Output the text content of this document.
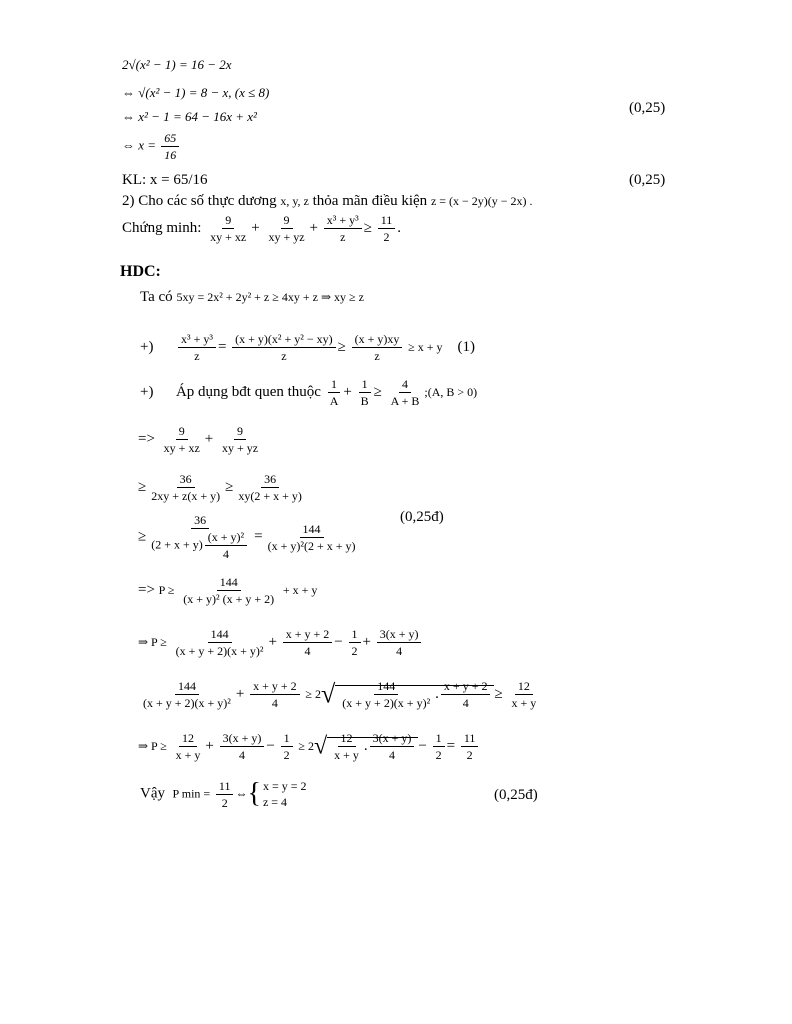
2√(x² − 1) = 16 − 2x
⇔ √(x² − 1) = 8 − x, (x ≤ 8)
⇔ x² − 1 = 64 − 16x + x²
(0,25)
⇔ $x = \frac{65}{16}$
KL: x = 65/16	(0,25)
2) Cho các số thực dương x, y, z thỏa mãn điều kiện z = (x − 2y)(y − 2x) .
Chứng minh: $\frac{9}{xy + xz} + \frac{9}{xy + yz} + \frac{\text{x³ + y³}}{z} \ge \frac{11}{2}$ .
HDC:
Ta có 5xy = 2x² + 2y² + z ≥ 4xy + z ⇒ xy ≥ z
+) $\frac{\text{x³ + y³}}{z} = \frac{\text{(x + y)(x² + y² − xy)}}{z} \ge \frac{(x + y)xy}{z} \ge x + y$ (1)
+) Áp dụng bđt quen thuộc $\frac{1}{A} + \frac{1}{B} \ge \frac{4}{A + B}$ ;(A, B > 0)
=> $\frac{9}{xy + xz} + \frac{9}{xy + yz}$
≥ $\frac{36}{2xy + z(x + y)} \ge \frac{36}{xy(2 + x + y)}$
≥ $\frac{36}{(2 + x + y) \frac{\text{(x + y)²}}{4}} = \frac{144}{\text{(x + y)²(2 + x + y)}}$
(0,25đ)
=> $P \ge \frac{144}{\text{(x + y)² (x + y + 2)}} + x + y$
⇒ $P \ge \frac{144}{\text{(x + y + 2)(x + y)²}} + \frac{x + y + 2}{4} - \frac{1}{2} + \frac{3(x + y)}{4}$
$\frac{144}{\text{(x + y + 2)(x + y)²}} + \frac{x + y + 2}{4} \ge 2√ \frac{144}{\text{(x + y + 2)(x + y)²}}$ . $\frac{x + y + 2}{4} \ge \frac{12}{x + y}$
⇒ $P \ge \frac{12}{x + y} + \frac{3(x + y)}{4} - \frac{1}{2} \ge 2√ \frac{12}{x + y}$ . $\frac{3(x + y)}{4} - \frac{1}{2} = \frac{11}{2}$
Vậy P $\min = \frac{11}{2}$ ⇔{ x = y = 2
z = 4	(0,25đ)
